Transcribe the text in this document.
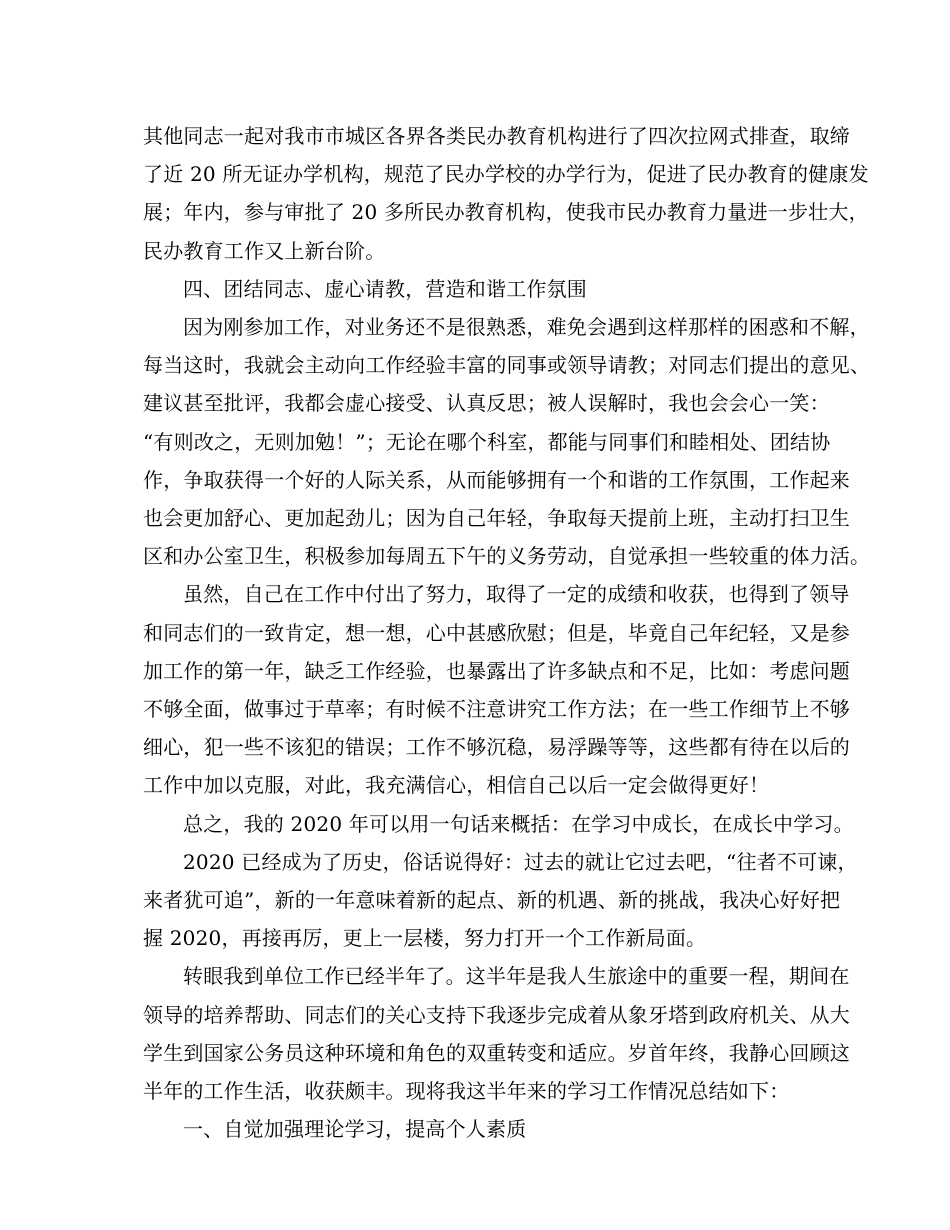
其他同志一起对我市市城区各界各类民办教育机构进行了四次拉网式排查，取缔
了近 20 所无证办学机构，规范了民办学校的办学行为，促进了民办教育的健康发
展；年内，参与审批了 20 多所民办教育机构，使我市民办教育力量进一步壮大，
民办教育工作又上新台阶。

四、团结同志、虚心请教，营造和谐工作氛围

因为刚参加工作，对业务还不是很熟悉，难免会遇到这样那样的困惑和不解，
每当这时，我就会主动向工作经验丰富的同事或领导请教；对同志们提出的意见、
建议甚至批评，我都会虚心接受、认真反思；被人误解时，我也会会心一笑：
“有则改之，无则加勉！”；无论在哪个科室，都能与同事们和睦相处、团结协
作，争取获得一个好的人际关系，从而能够拥有一个和谐的工作氛围，工作起来
也会更加舒心、更加起劲儿；因为自己年轻，争取每天提前上班，主动打扫卫生
区和办公室卫生，积极参加每周五下午的义务劳动，自觉承担一些较重的体力活。

虽然，自己在工作中付出了努力，取得了一定的成绩和收获，也得到了领导
和同志们的一致肯定，想一想，心中甚感欣慰；但是，毕竟自己年纪轻，又是参
加工作的第一年，缺乏工作经验，也暴露出了许多缺点和不足，比如：考虑问题
不够全面，做事过于草率；有时候不注意讲究工作方法；在一些工作细节上不够
细心，犯一些不该犯的错误；工作不够沉稳，易浮躁等等，这些都有待在以后的
工作中加以克服，对此，我充满信心，相信自己以后一定会做得更好！

总之，我的 2020 年可以用一句话来概括：在学习中成长，在成长中学习。

2020 已经成为了历史，俗话说得好：过去的就让它过去吧，“往者不可谏，
来者犹可追”，新的一年意味着新的起点、新的机遇、新的挑战，我决心好好把
握 2020，再接再厉，更上一层楼，努力打开一个工作新局面。

转眼我到单位工作已经半年了。这半年是我人生旅途中的重要一程，期间在
领导的培养帮助、同志们的关心支持下我逐步完成着从象牙塔到政府机关、从大
学生到国家公务员这种环境和角色的双重转变和适应。岁首年终，我静心回顾这
半年的工作生活，收获颇丰。现将我这半年来的学习工作情况总结如下：

一、自觉加强理论学习，提高个人素质
